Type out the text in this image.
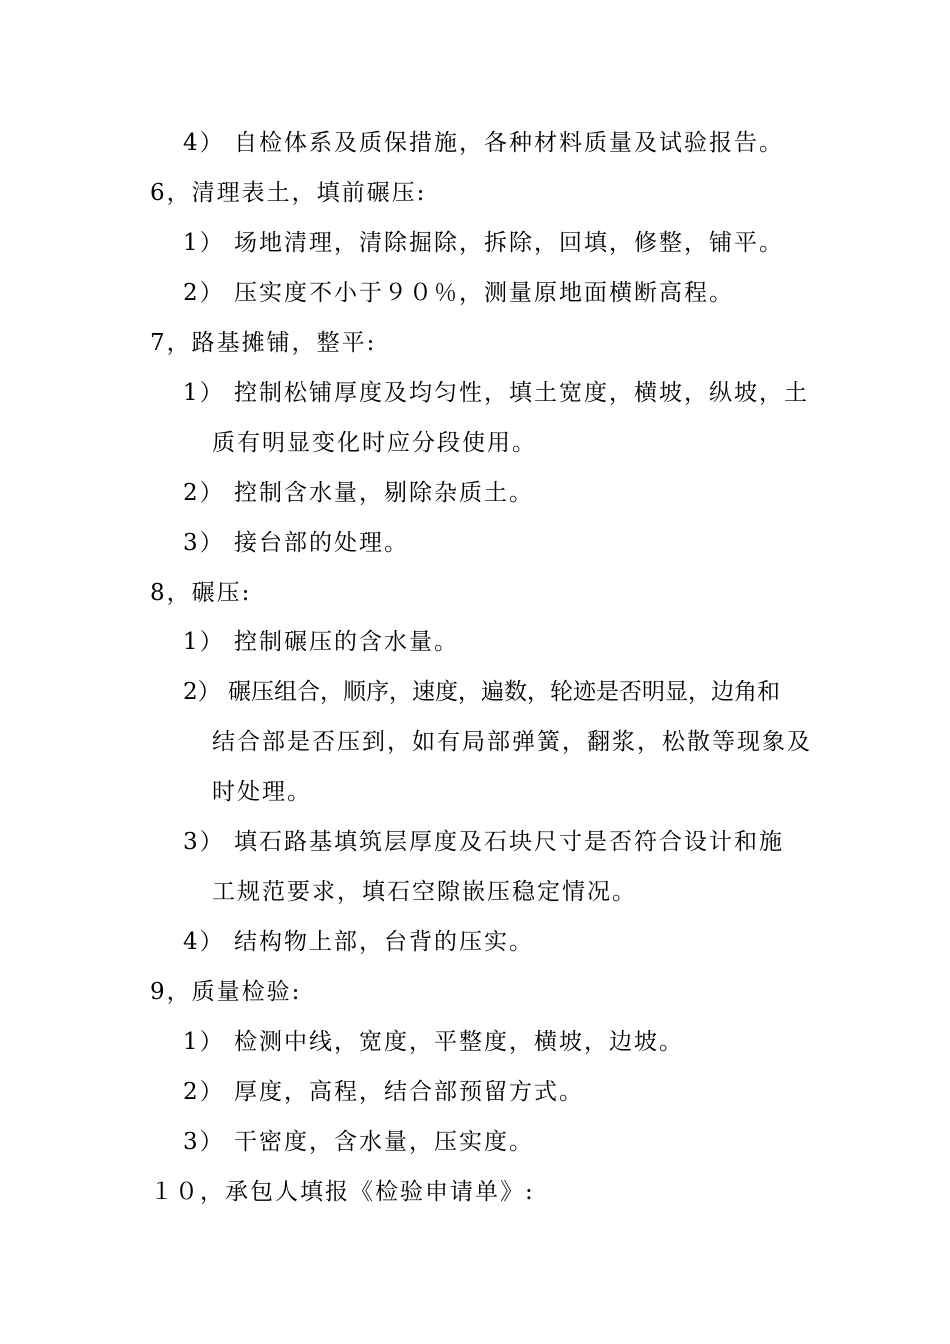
4） 自检体系及质保措施，各种材料质量及试验报告。
6，清理表土，填前碾压:
1） 场地清理，清除掘除，拆除，回填，修整，铺平。
2） 压实度不小于９０％，测量原地面横断高程。
7，路基摊铺，整平:
1） 控制松铺厚度及均匀性，填土宽度，横坡，纵坡，土
质有明显变化时应分段使用。
2） 控制含水量，剔除杂质土。
3） 接台部的处理。
8，碾压:
1） 控制碾压的含水量。
2） 碾压组合，顺序，速度，遍数，轮迹是否明显，边角和
结合部是否压到，如有局部弹簧，翻浆，松散等现象及
时处理。
3） 填石路基填筑层厚度及石块尺寸是否符合设计和施
工规范要求，填石空隙嵌压稳定情况。
4） 结构物上部，台背的压实。
9，质量检验:
1） 检测中线，宽度，平整度，横坡，边坡。
2） 厚度，高程，结合部预留方式。
3） 干密度，含水量，压实度。
１０，承包人填报《检验申请单》:
